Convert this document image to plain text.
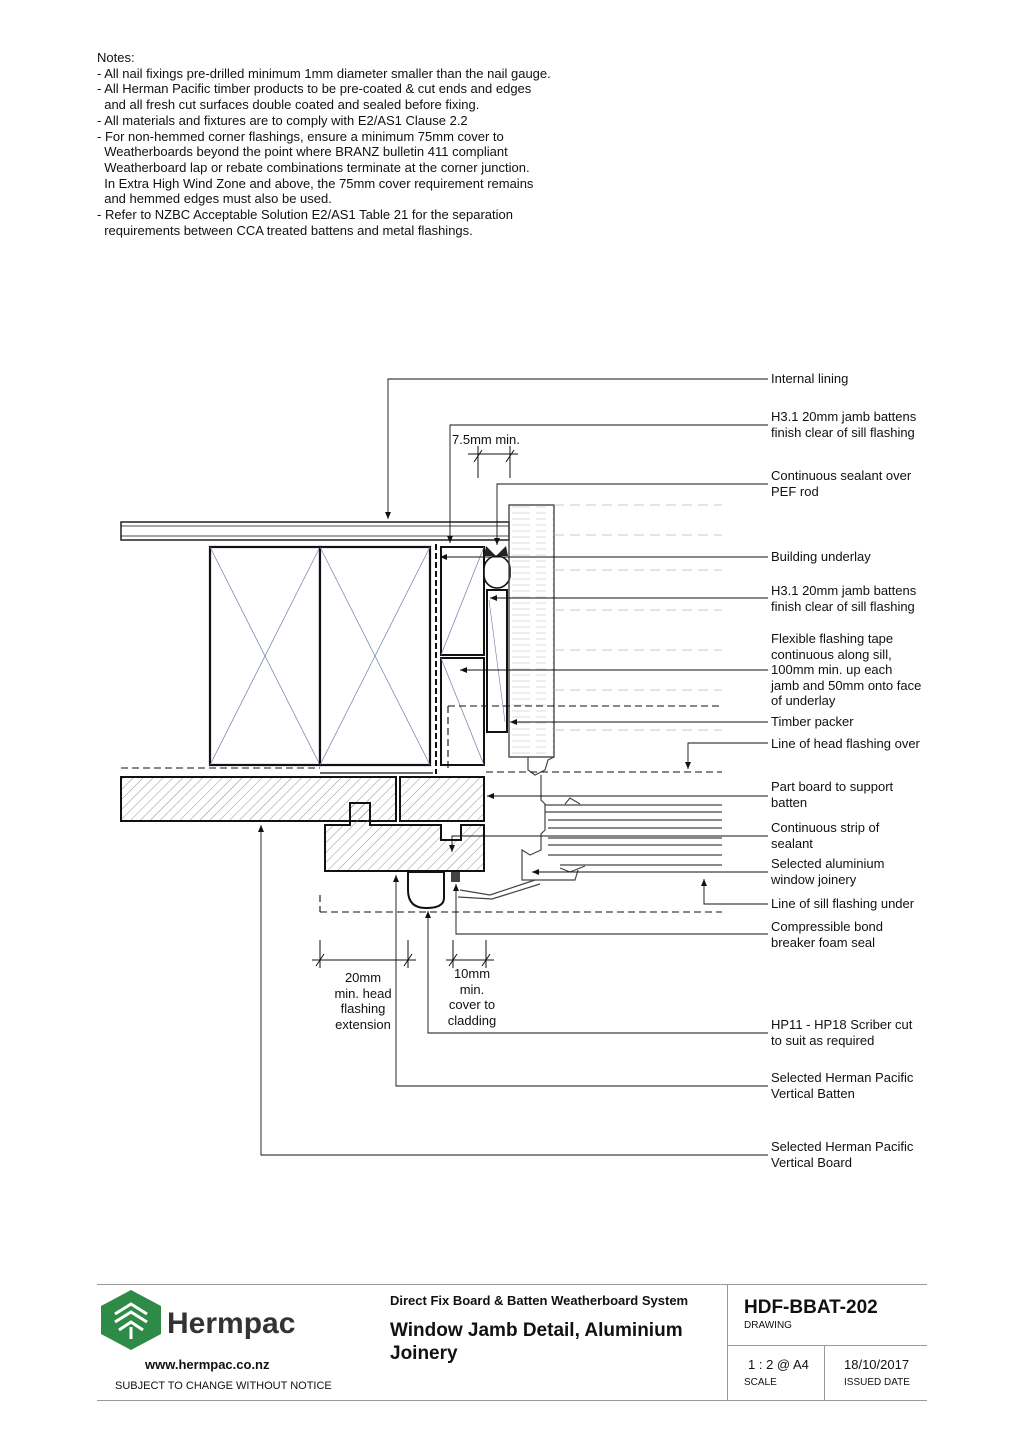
Notes:
- All nail fixings pre-drilled minimum 1mm diameter smaller than the nail gauge.
- All Herman Pacific timber products to be pre-coated & cut ends and edges
and all fresh cut surfaces double coated and sealed before fixing.
- All materials and fixtures are to comply with E2/AS1 Clause 2.2
- For non-hemmed corner flashings, ensure a minimum 75mm cover to
Weatherboards beyond the point where BRANZ bulletin 411 compliant
Weatherboard lap or rebate combinations terminate at the corner junction.
In Extra High Wind Zone and above, the 75mm cover requirement remains
and hemmed edges must also be used.
- Refer to NZBC Acceptable Solution E2/AS1 Table 21 for the separation
requirements between CCA treated battens and metal flashings.
Internal lining
H3.1 20mm jamb battens
finish clear of sill flashing
Continuous sealant over
PEF rod
Building underlay
H3.1 20mm jamb battens
finish clear of sill flashing
Flexible flashing tape
continuous along sill,
100mm min. up each
jamb and 50mm onto face
of underlay
Timber packer
Line of head flashing over
Part board to support
batten
Continuous strip of
sealant
Selected aluminium
window joinery
Line of sill flashing under
Compressible bond
breaker foam seal
HP11 - HP18 Scriber cut
to suit as required
Selected Herman Pacific
Vertical Batten
Selected Herman Pacific
Vertical Board
7.5mm min.
20mm
min. head
flashing
extension
10mm
min.
cover to
cladding
Hermpac
www.hermpac.co.nz
SUBJECT TO CHANGE WITHOUT NOTICE
Direct Fix Board & Batten Weatherboard System
Window Jamb Detail, Aluminium
Joinery
HDF-BBAT-202
DRAWING
1 : 2 @ A4
SCALE
18/10/2017
ISSUED DATE
